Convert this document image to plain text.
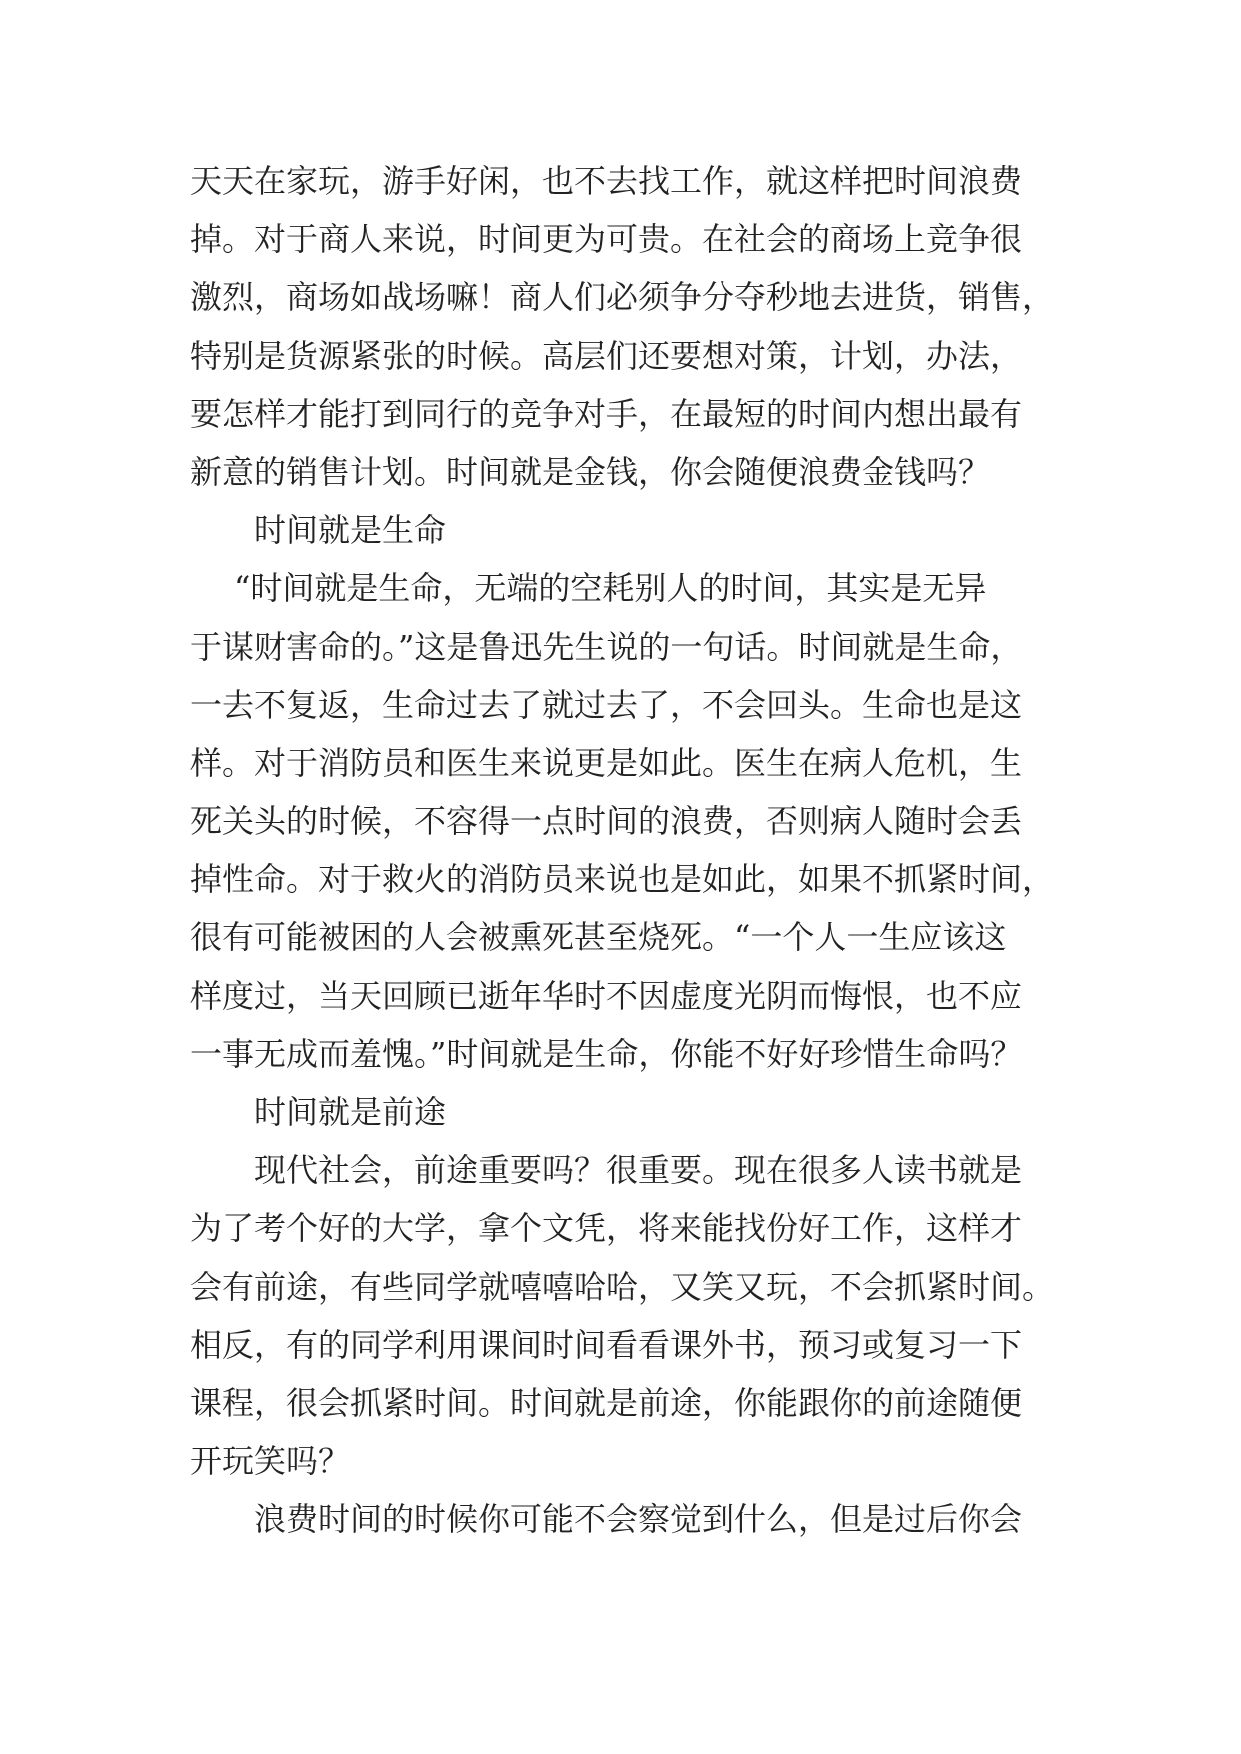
天天在家玩，游手好闲，也不去找工作，就这样把时间浪费
掉。对于商人来说，时间更为可贵。在社会的商场上竞争很
激烈，商场如战场嘛！商人们必须争分夺秒地去进货，销售，
特别是货源紧张的时候。高层们还要想对策，计划，办法，
要怎样才能打到同行的竞争对手，在最短的时间内想出最有
新意的销售计划。时间就是金钱，你会随便浪费金钱吗？
时间就是生命
“时间就是生命，无端的空耗别人的时间，其实是无异
于谋财害命的。”这是鲁迅先生说的一句话。时间就是生命，
一去不复返，生命过去了就过去了，不会回头。生命也是这
样。对于消防员和医生来说更是如此。医生在病人危机，生
死关头的时候，不容得一点时间的浪费，否则病人随时会丢
掉性命。对于救火的消防员来说也是如此，如果不抓紧时间，
很有可能被困的人会被熏死甚至烧死。“一个人一生应该这
样度过，当天回顾已逝年华时不因虚度光阴而悔恨，也不应
一事无成而羞愧。”时间就是生命，你能不好好珍惜生命吗？
时间就是前途
现代社会，前途重要吗？很重要。现在很多人读书就是
为了考个好的大学，拿个文凭，将来能找份好工作，这样才
会有前途，有些同学就嘻嘻哈哈，又笑又玩，不会抓紧时间。
相反，有的同学利用课间时间看看课外书，预习或复习一下
课程，很会抓紧时间。时间就是前途，你能跟你的前途随便
开玩笑吗？
浪费时间的时候你可能不会察觉到什么，但是过后你会
